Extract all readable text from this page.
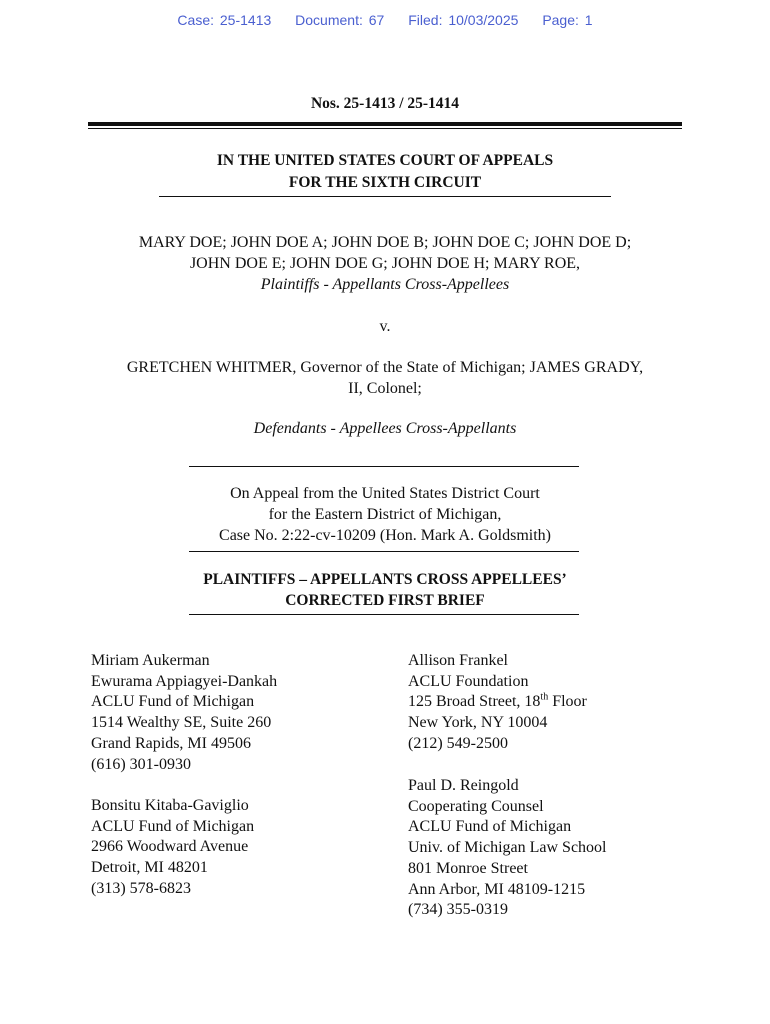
Case: 25-1413 Document: 67 Filed: 10/03/2025 Page: 1
Nos. 25-1413 / 25-1414
IN THE UNITED STATES COURT OF APPEALS
FOR THE SIXTH CIRCUIT
MARY DOE; JOHN DOE A; JOHN DOE B; JOHN DOE C; JOHN DOE D;
JOHN DOE E; JOHN DOE G; JOHN DOE H; MARY ROE,
Plaintiffs - Appellants Cross-Appellees
v.
GRETCHEN WHITMER, Governor of the State of Michigan; JAMES GRADY,
II, Colonel;
Defendants - Appellees Cross-Appellants
On Appeal from the United States District Court
for the Eastern District of Michigan,
Case No. 2:22-cv-10209 (Hon. Mark A. Goldsmith)
PLAINTIFFS – APPELLANTS CROSS APPELLEES’
CORRECTED FIRST BRIEF
Miriam Aukerman
Ewurama Appiagyei-Dankah
ACLU Fund of Michigan
1514 Wealthy SE, Suite 260
Grand Rapids, MI 49506
(616) 301-0930
Bonsitu Kitaba-Gaviglio
ACLU Fund of Michigan
2966 Woodward Avenue
Detroit, MI 48201
(313) 578-6823
Allison Frankel
ACLU Foundation
125 Broad Street, 18th Floor
New York, NY 10004
(212) 549-2500
Paul D. Reingold
Cooperating Counsel
ACLU Fund of Michigan
Univ. of Michigan Law School
801 Monroe Street
Ann Arbor, MI 48109-1215
(734) 355-0319
